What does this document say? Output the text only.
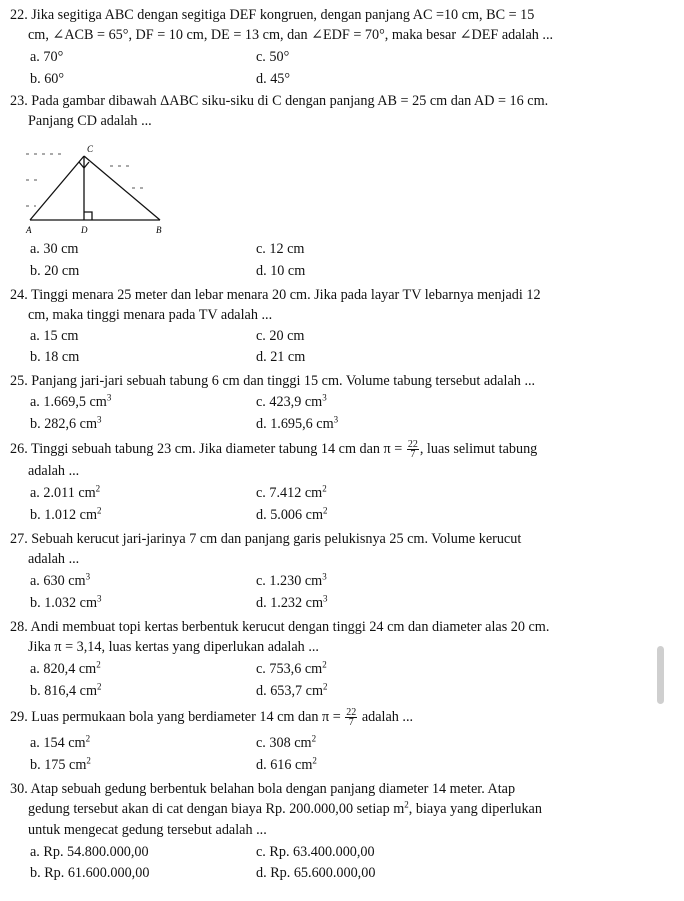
22. Jika segitiga ABC dengan segitiga DEF kongruen, dengan panjang AC =10 cm, BC = 15
cm, ∠ACB = 65°, DF = 10 cm, DE = 13 cm, dan ∠EDF = 70°, maka besar ∠DEF adalah ...
a. 70°	c. 50°
b. 60°	d. 45°
23. Pada gambar dibawah ΔABC siku-siku di C dengan panjang AB = 25 cm dan AD = 16 cm.
Panjang CD adalah ...
C
A	D	B
a. 30 cm	c. 12 cm
b. 20 cm	d. 10 cm
24. Tinggi menara 25 meter dan lebar menara 20 cm. Jika pada layar TV lebarnya menjadi 12
cm, maka tinggi menara pada TV adalah ...
a. 15 cm	c. 20 cm
b. 18 cm	d. 21 cm
25. Panjang jari-jari sebuah tabung 6 cm dan tinggi 15 cm. Volume tabung tersebut adalah ...
a. 1.669,5 $cm^3$	c. 423,9 $cm^3$
b. 282,6 $cm^3$	d. 1.695,6 $cm^3$
26. Tinggi sebuah tabung 23 cm. Jika diameter tabung 14 cm dan $\pi = \frac{22}{7}$ , luas selimut tabung
adalah ...
a. 2.011 $cm^2$	c. 7.412 $cm^2$
b. 1.012 $cm^2$	d. 5.006 $cm^2$
27. Sebuah kerucut jari-jarinya 7 cm dan panjang garis pelukisnya 25 cm. Volume kerucut
adalah ...
a. 630 $cm^3$	c. 1.230 $cm^3$
b. 1.032 $cm^3$	d. 1.232 $cm^3$
28. Andi membuat topi kertas berbentuk kerucut dengan tinggi 24 cm dan diameter alas 20 cm.
Jika π = 3,14, luas kertas yang diperlukan adalah ...
a. 820,4 $cm^2$	c. 753,6 $cm^2$
b. 816,4 $cm^2$	d. 653,7 $cm^2$
29. Luas permukaan bola yang berdiameter 14 cm dan $\pi = \frac{22}{7}$ adalah ...
a. 154 $cm^2$	c. 308 $cm^2$
b. 175 $cm^2$	d. 616 $cm^2$
30. Atap sebuah gedung berbentuk belahan bola dengan panjang diameter 14 meter. Atap
gedung tersebut akan di cat dengan biaya Rp. 200.000,00 setiap $m^2$, biaya yang diperlukan
untuk mengecat gedung tersebut adalah ...
a. Rp. 54.800.000,00	c. Rp. 63.400.000,00
b. Rp. 61.600.000,00	d. Rp. 65.600.000,00
